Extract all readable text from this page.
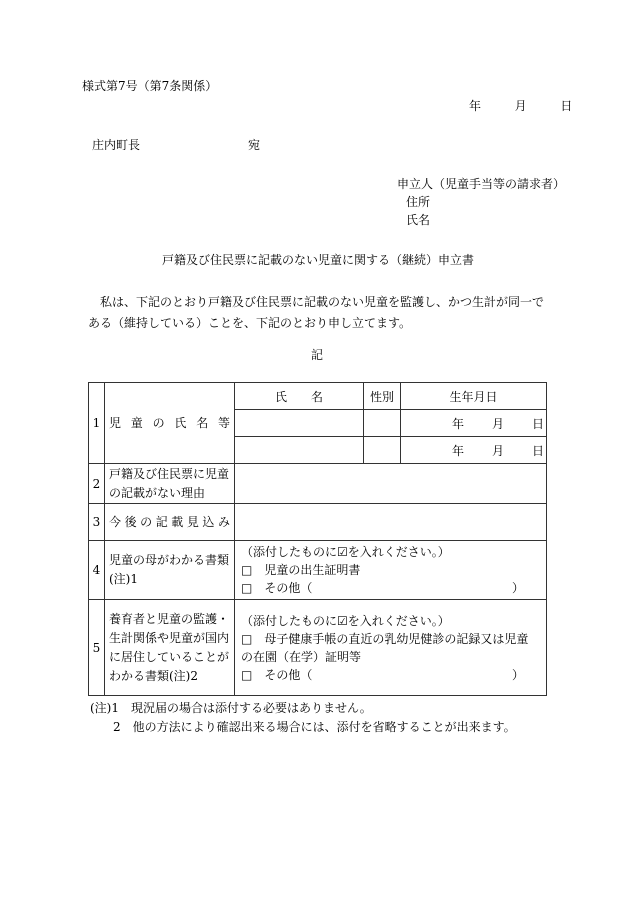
様式第7号（第7条関係）
年	月	日
庄内町長	宛
申立人（児童手当等の請求者）
住所
氏名
戸籍及び住民票に記載のない児童に関する（継続）申立書
私は、下記のとおり戸籍及び住民票に記載のない児童を監護し、かつ生計が同一である（維持している）ことを、下記のとおり申し立てます。
記
1	児童の氏名等	氏　　名	性別	生年月日
				年 月 日
				年 月 日
2	戸籍及び住民票に児童の記載がない理由			
3	今後の記載見込み			

4	児童の母がわかる書類(注)1	（添付したものに☑を入れください。）
□　児童の出生証明書
□　その他（ ）		

5	養育者と児童の監護・生計関係や児童が国内に居住していることがわかる書類(注)2	（添付したものに☑を入れください。）
□　母子健康手帳の直近の乳幼児健診の記録又は児童の在園（在学）証明等
□　その他（ ）		
(注)1　現況届の場合は添付する必要はありません。
2　他の方法により確認出来る場合には、添付を省略することが出来ます。
